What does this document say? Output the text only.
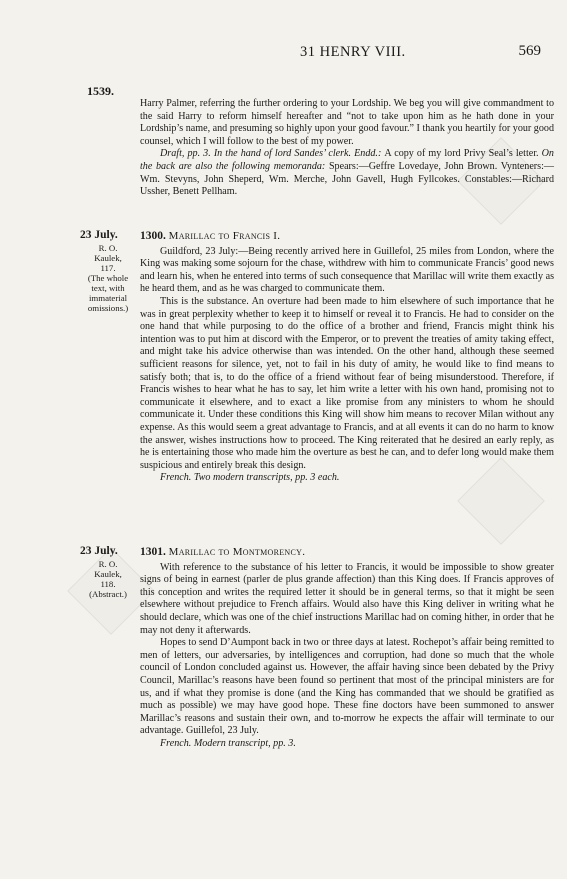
31 HENRY VIII.	569
1539.

Harry Palmer, referring the further ordering to your Lordship. We beg you will give commandment to the said Harry to reform himself hereafter and “not to take upon him as he hath done in your Lordship’s name, and presuming so highly upon your good favour.” I thank you heartily for your good counsel, which I will follow to the best of my power.

Draft, pp. 3. In the hand of lord Sandes’ clerk. Endd.: A copy of my lord Privy Seal’s letter. On the back are also the following memoranda: Spears:—Geffre Lovedaye, John Brown. Vynteners:—Wm. Stevyns, John Sheperd, Wm. Merche, John Gavell, Hugh Fyllcokes. Constables:—Richard Ussher, Benett Pellham.

23 July.
R. O.
Kaulek,
117.
(The whole text, with immaterial omissions.)

1300. Marillac to Francis I.

Guildford, 23 July:—Being recently arrived here in Guillefol, 25 miles from London, where the King was making some sojourn for the chase, withdrew with him to communicate Francis’ good news and learn his, when he entered into terms of such consequence that Marillac will write them exactly as he heard them, and as he was charged to communicate them.

This is the substance. An overture had been made to him elsewhere of such importance that he was in great perplexity whether to keep it to himself or reveal it to Francis. He had to consider on the one hand that while purposing to do the office of a brother and friend, Francis might think his intention was to put him at discord with the Emperor, or to prevent the treaties of amity taking effect, and might take his advice otherwise than was intended. On the other hand, although these seemed sufficient reasons for silence, yet, not to fail in his duty of amity, he would like to find means to satisfy both; that is, to do the office of a friend without fear of being misunderstood. Therefore, if Francis wishes to hear what he has to say, let him write a letter with his own hand, promising not to communicate it elsewhere, and to exact a like promise from any ministers to whom he should communicate it. Under these conditions this King will show him means to recover Milan without any expense. As this would seem a great advantage to Francis, and at all events it can do no harm to know the answer, wishes instructions how to proceed. The King reiterated that he desired an early reply, as he is entertaining those who made him the overture as best he can, and to defer long would make them suspicious and entirely break this design.

French. Two modern transcripts, pp. 3 each.

23 July.
R. O.
Kaulek,
118.
(Abstract.)

1301. Marillac to Montmorency.

With reference to the substance of his letter to Francis, it would be impossible to show greater signs of being in earnest (parler de plus grande affection) than this King does. If Francis approves of this conception and writes the required letter it should be in general terms, so that it might be seen elsewhere without prejudice to French affairs. Would also have this King deliver in writing what he should declare, which was one of the chief instructions Marillac had on coming hither, in order that he may not deny it afterwards.

Hopes to send D’Aumpont back in two or three days at latest. Rochepot’s affair being remitted to men of letters, our adversaries, by intelligences and corruption, had done so much that the whole council of London concluded against us. However, the affair having since been debated by the Privy Council, Marillac’s reasons have been found so pertinent that most of the principal ministers are for us, and if what they promise is done (and the King has commanded that we should be gratified as much as possible) we may have good hope. These fine doctors have been summoned to answer Marillac’s reasons and sustain their own, and to-morrow he expects the affair will terminate to our advantage. Guillefol, 23 July.

French. Modern transcript, pp. 3.
